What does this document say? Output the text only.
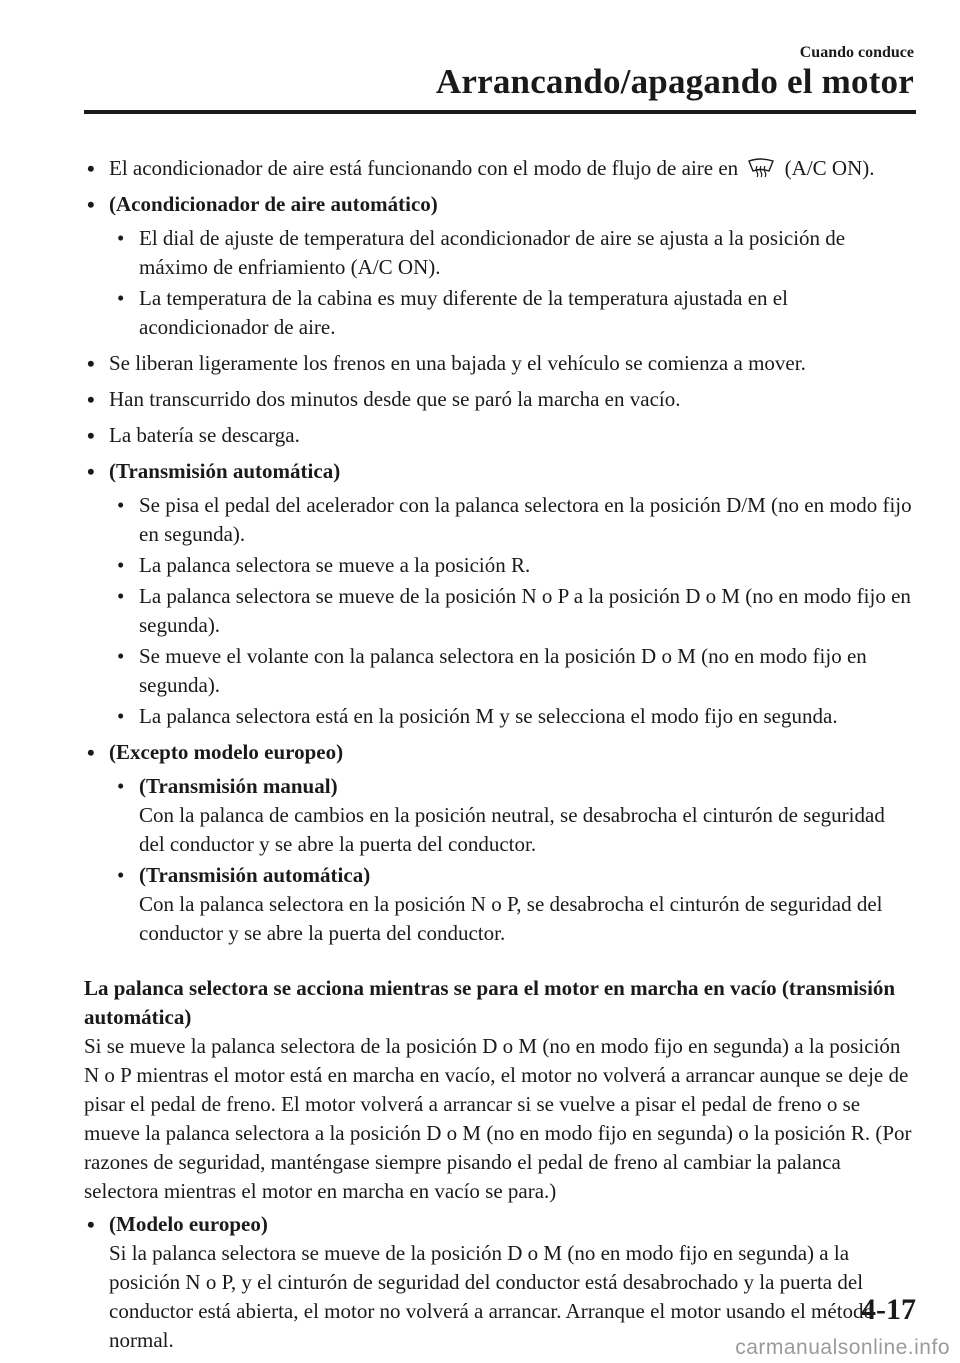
Cuando conduce
Arrancando/apagando el motor
• El acondicionador de aire está funcionando con el modo de flujo de aire en (A/C ON).
• (Acondicionador de aire automático)
• El dial de ajuste de temperatura del acondicionador de aire se ajusta a la posición de máximo de enfriamiento (A/C ON).
• La temperatura de la cabina es muy diferente de la temperatura ajustada en el acondicionador de aire.
• Se liberan ligeramente los frenos en una bajada y el vehículo se comienza a mover.
• Han transcurrido dos minutos desde que se paró la marcha en vacío.
• La batería se descarga.
• (Transmisión automática)
• Se pisa el pedal del acelerador con la palanca selectora en la posición D/M (no en modo fijo en segunda).
• La palanca selectora se mueve a la posición R.
• La palanca selectora se mueve de la posición N o P a la posición D o M (no en modo fijo en segunda).
• Se mueve el volante con la palanca selectora en la posición D o M (no en modo fijo en segunda).
• La palanca selectora está en la posición M y se selecciona el modo fijo en segunda.
• (Excepto modelo europeo)
• (Transmisión manual)
Con la palanca de cambios en la posición neutral, se desabrocha el cinturón de seguridad del conductor y se abre la puerta del conductor.
• (Transmisión automática)
Con la palanca selectora en la posición N o P, se desabrocha el cinturón de seguridad del conductor y se abre la puerta del conductor.
La palanca selectora se acciona mientras se para el motor en marcha en vacío (transmisión automática)
Si se mueve la palanca selectora de la posición D o M (no en modo fijo en segunda) a la posición N o P mientras el motor está en marcha en vacío, el motor no volverá a arrancar aunque se deje de pisar el pedal de freno. El motor volverá a arrancar si se vuelve a pisar el pedal de freno o se mueve la palanca selectora a la posición D o M (no en modo fijo en segunda) o la posición R. (Por razones de seguridad, manténgase siempre pisando el pedal de freno al cambiar la palanca selectora mientras el motor en marcha en vacío se para.)
• (Modelo europeo)
Si la palanca selectora se mueve de la posición D o M (no en modo fijo en segunda) a la posición N o P, y el cinturón de seguridad del conductor está desabrochado y la puerta del conductor está abierta, el motor no volverá a arrancar. Arranque el motor usando el método normal.
4-17
carmanualsonline.info
